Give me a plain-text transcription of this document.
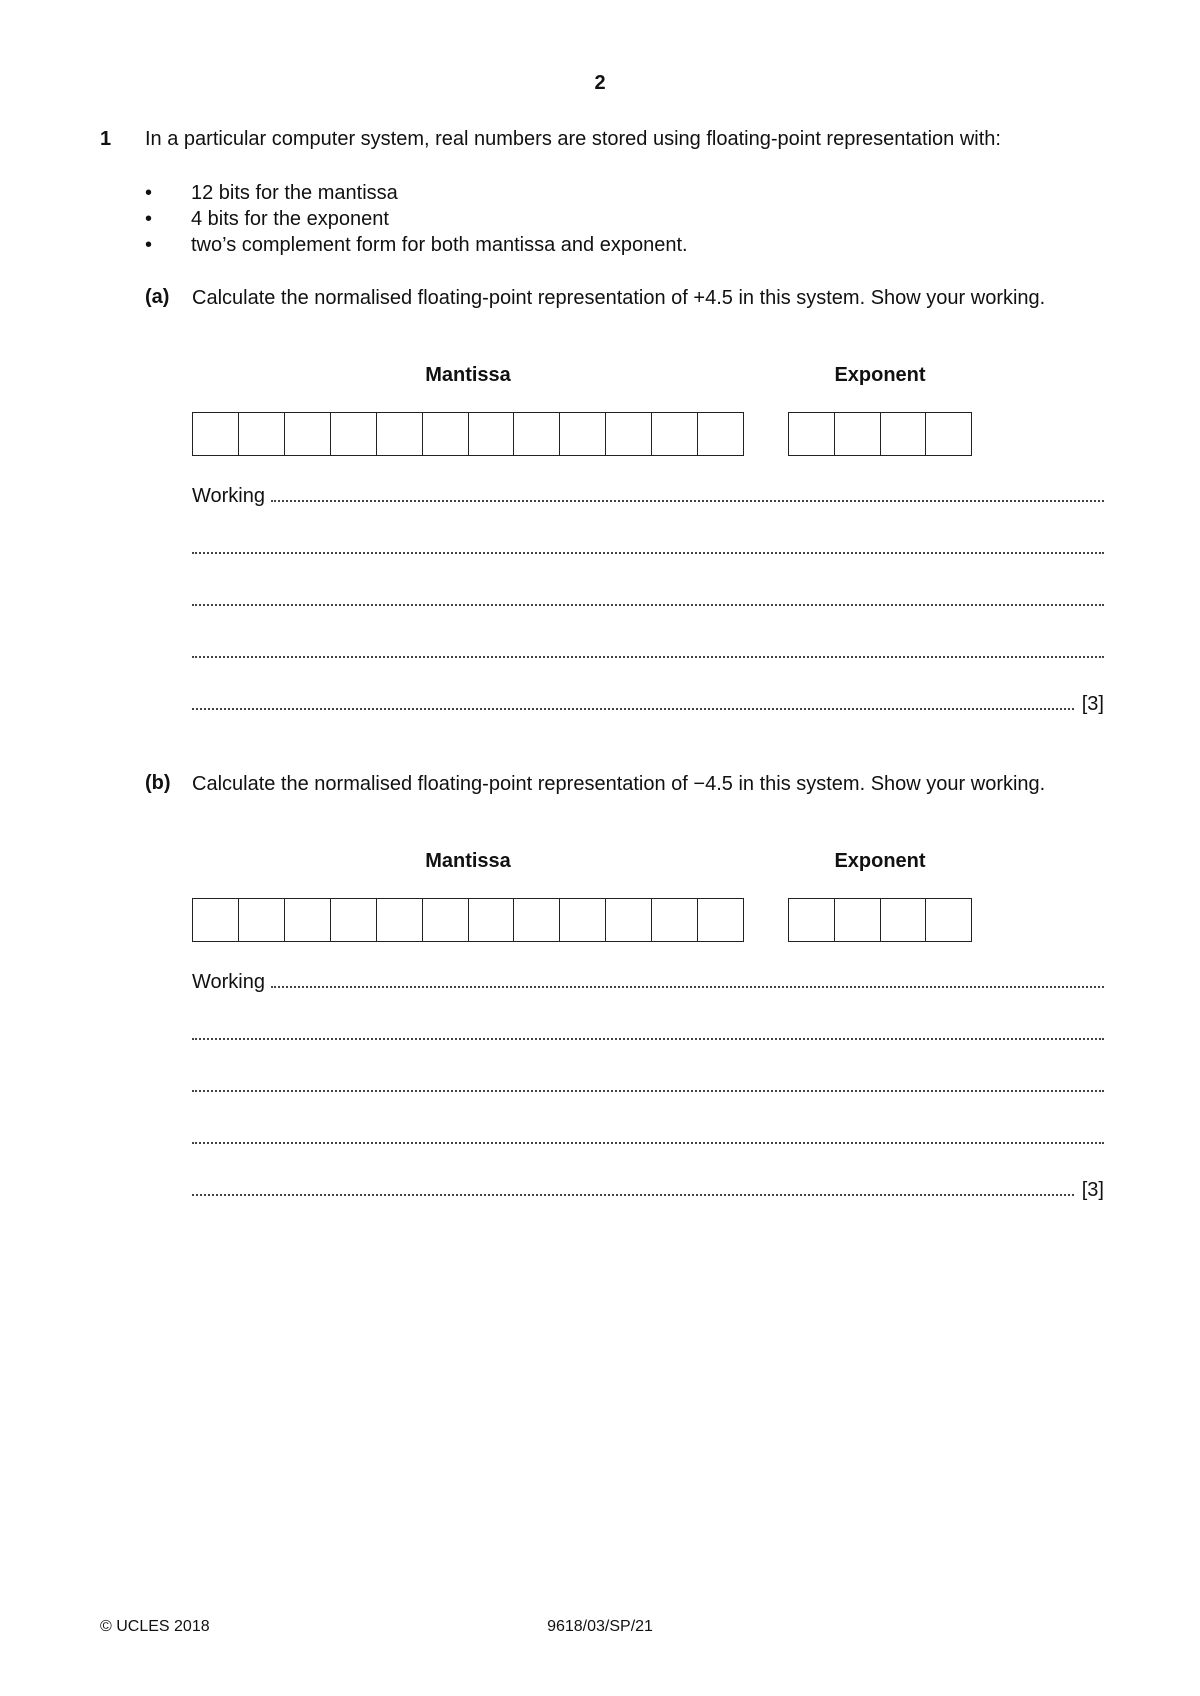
2
1 In a particular computer system, real numbers are stored using floating-point representation with:
• 12 bits for the mantissa
• 4 bits for the exponent
• two’s complement form for both mantissa and exponent.
(a) Calculate the normalised floating-point representation of +4.5 in this system. Show your working.
Mantissa	Exponent
Working
[3]
(b) Calculate the normalised floating-point representation of −4.5 in this system. Show your working.
Mantissa	Exponent
Working
[3]
© UCLES 2018	9618/03/SP/21
